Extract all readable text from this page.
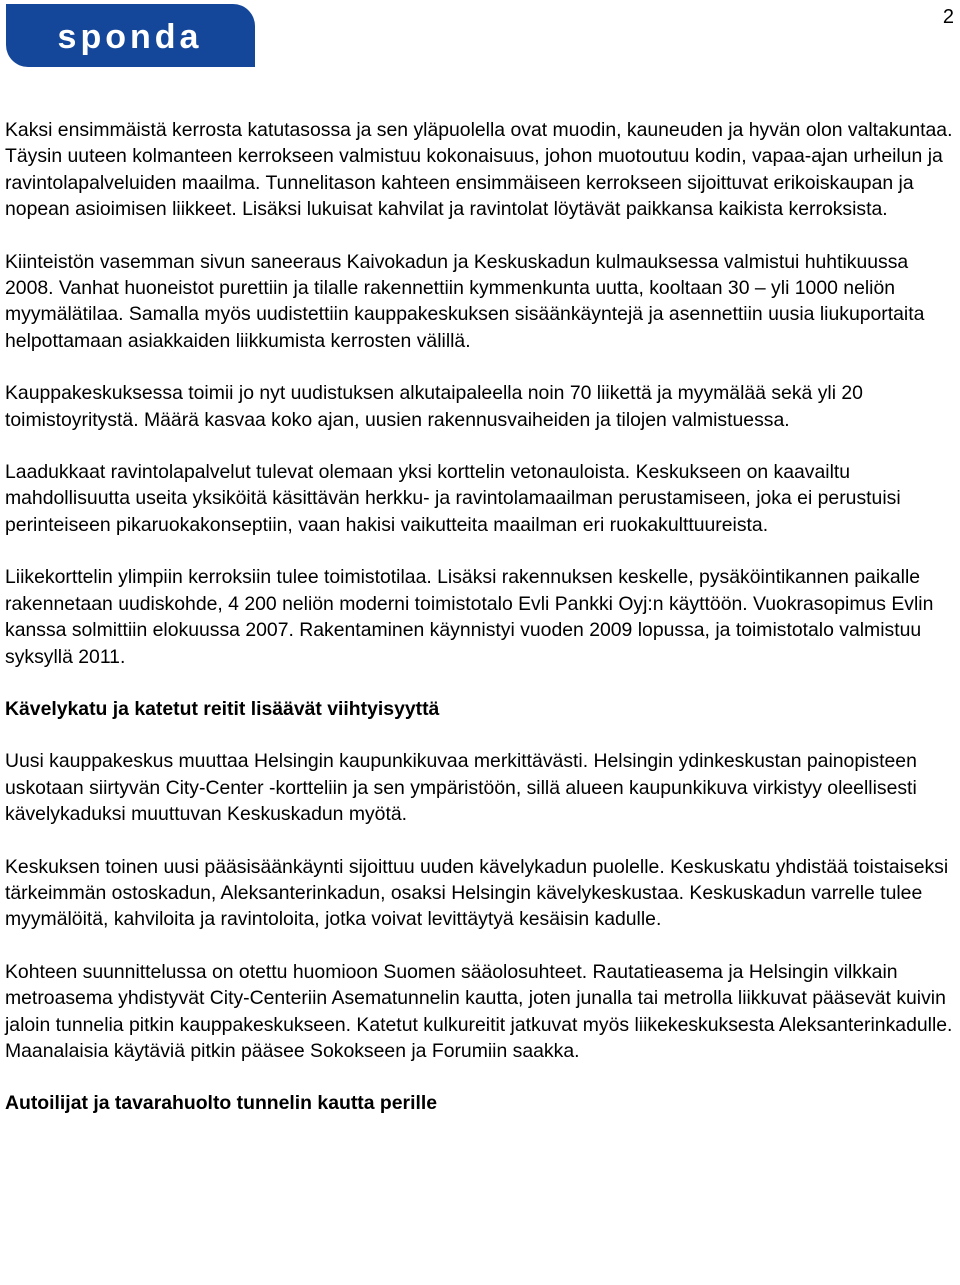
sponda
2

Kaksi ensimmäistä kerrosta katutasossa ja sen yläpuolella ovat muodin, kauneuden ja hyvän olon valtakuntaa. Täysin uuteen kolmanteen kerrokseen valmistuu kokonaisuus, johon muotoutuu kodin, vapaa-ajan urheilun ja ravintolapalveluiden maailma. Tunnelitason kahteen ensimmäiseen kerrokseen sijoittuvat erikoiskaupan ja nopean asioimisen liikkeet. Lisäksi lukuisat kahvilat ja ravintolat löytävät paikkansa kaikista kerroksista.

Kiinteistön vasemman sivun saneeraus Kaivokadun ja Keskuskadun kulmauksessa valmistui huhtikuussa 2008. Vanhat huoneistot purettiin ja tilalle rakennettiin kymmenkunta uutta, kooltaan 30 – yli 1000 neliön myymälätilaa. Samalla myös uudistettiin kauppakeskuksen sisäänkäyntejä ja asennettiin uusia liukuportaita helpottamaan asiakkaiden liikkumista kerrosten välillä.

Kauppakeskuksessa toimii jo nyt uudistuksen alkutaipaleella noin 70 liikettä ja myymälää sekä yli 20 toimistoyritystä. Määrä kasvaa koko ajan, uusien rakennusvaiheiden ja tilojen valmistuessa.

Laadukkaat ravintolapalvelut tulevat olemaan yksi korttelin vetonauloista. Keskukseen on kaavailtu mahdollisuutta useita yksiköitä käsittävän herkku- ja ravintolamaailman perustamiseen, joka ei perustuisi perinteiseen pikaruokakonseptiin, vaan hakisi vaikutteita maailman eri ruokakulttuureista.

Liikekorttelin ylimpiin kerroksiin tulee toimistotilaa. Lisäksi rakennuksen keskelle, pysäköintikannen paikalle rakennetaan uudiskohde, 4 200 neliön moderni toimistotalo Evli Pankki Oyj:n käyttöön. Vuokrasopimus Evlin kanssa solmittiin elokuussa 2007. Rakentaminen käynnistyi vuoden 2009 lopussa, ja toimistotalo valmistuu syksyllä 2011.

Kävelykatu ja katetut reitit lisäävät viihtyisyyttä

Uusi kauppakeskus muuttaa Helsingin kaupunkikuvaa merkittävästi. Helsingin ydinkeskustan painopisteen uskotaan siirtyvän City-Center -kortteliin ja sen ympäristöön, sillä alueen kaupunkikuva virkistyy oleellisesti kävelykaduksi muuttuvan Keskuskadun myötä.

Keskuksen toinen uusi pääsisäänkäynti sijoittuu uuden kävelykadun puolelle. Keskuskatu yhdistää toistaiseksi tärkeimmän ostoskadun, Aleksanterinkadun, osaksi Helsingin kävelykeskustaa. Keskuskadun varrelle tulee myymälöitä, kahviloita ja ravintoloita, jotka voivat levittäytyä kesäisin kadulle.

Kohteen suunnittelussa on otettu huomioon Suomen sääolosuhteet. Rautatieasema ja Helsingin vilkkain metroasema yhdistyvät City-Centeriin Asematunnelin kautta, joten junalla tai metrolla liikkuvat pääsevät kuivin jaloin tunnelia pitkin kauppakeskukseen. Katetut kulkureitit jatkuvat myös liikekeskuksesta Aleksanterinkadulle. Maanalaisia käytäviä pitkin pääsee Sokokseen ja Forumiin saakka.

Autoilijat ja tavarahuolto tunnelin kautta perille
